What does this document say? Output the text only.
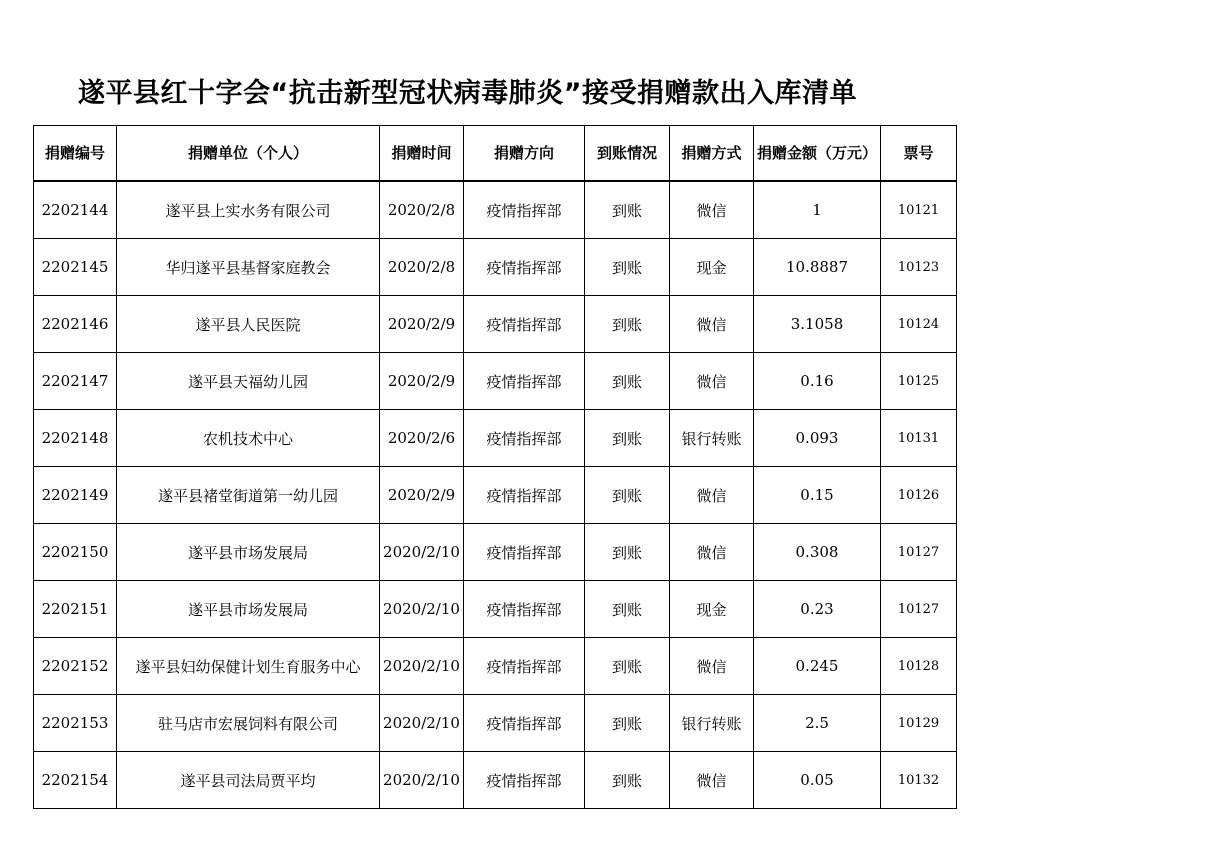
遂平县红十字会“抗击新型冠状病毒肺炎”接受捐赠款出入库清单
捐赠编号	捐赠单位（个人）	捐赠时间	捐赠方向	到账情况	捐赠方式	捐赠金额（万元）	票号
2202144	遂平县上实水务有限公司	2020/2/8	疫情指挥部	到账	微信	1	10121
2202145	华归遂平县基督家庭教会	2020/2/8	疫情指挥部	到账	现金	10.8887	10123
2202146	遂平县人民医院	2020/2/9	疫情指挥部	到账	微信	3.1058	10124
2202147	遂平县天福幼儿园	2020/2/9	疫情指挥部	到账	微信	0.16	10125
2202148	农机技术中心	2020/2/6	疫情指挥部	到账	银行转账	0.093	10131
2202149	遂平县褚堂街道第一幼儿园	2020/2/9	疫情指挥部	到账	微信	0.15	10126
2202150	遂平县市场发展局	2020/2/10	疫情指挥部	到账	微信	0.308	10127
2202151	遂平县市场发展局	2020/2/10	疫情指挥部	到账	现金	0.23	10127
2202152	遂平县妇幼保健计划生育服务中心	2020/2/10	疫情指挥部	到账	微信	0.245	10128
2202153	驻马店市宏展饲料有限公司	2020/2/10	疫情指挥部	到账	银行转账	2.5	10129
2202154	遂平县司法局贾平均	2020/2/10	疫情指挥部	到账	微信	0.05	10132
